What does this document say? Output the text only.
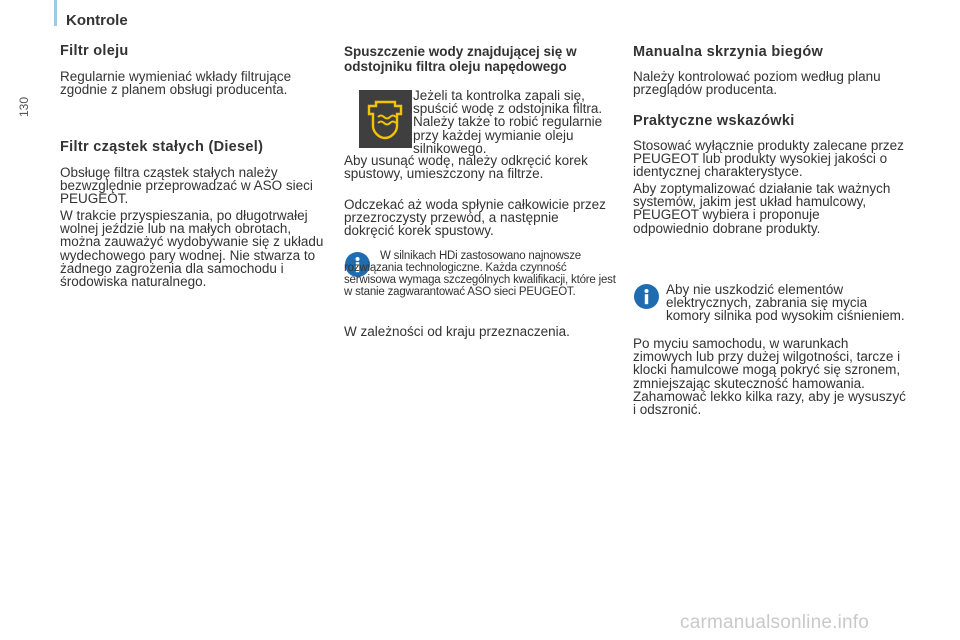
Kontrole
130
Filtr oleju

Regularnie wymieniać wkłady filtrujące zgodnie z planem obsługi producenta.

Filtr cząstek stałych (Diesel)

Obsługę filtra cząstek stałych należy bezwzględnie przeprowadzać w ASO sieci PEUGEOT.

W trakcie przyspieszania, po długotrwałej wolnej jeździe lub na małych obrotach, można zauważyć wydobywanie się z układu wydechowego pary wodnej. Nie stwarza to żadnego zagrożenia dla samochodu i środowiska naturalnego.

Spuszczenie wody znajdującej się w odstojniku filtra oleju napędowego

Jeżeli ta kontrolka zapali się, spuścić wodę z odstojnika filtra. Należy także to robić regularnie przy każdej wymianie oleju silnikowego.

Aby usunąć wodę, należy odkręcić korek spustowy, umieszczony na filtrze.

Odczekać aż woda spłynie całkowicie przez przezroczysty przewód, a następnie dokręcić korek spustowy.

W silnikach HDi zastosowano najnowsze rozwiązania technologiczne. Każda czynność serwisowa wymaga szczególnych kwalifikacji, które jest w stanie zagwarantować ASO sieci PEUGEOT.

W zależności od kraju przeznaczenia.

Manualna skrzynia biegów

Należy kontrolować poziom według planu przeglądów producenta.

Praktyczne wskazówki

Stosować wyłącznie produkty zalecane przez PEUGEOT lub produkty wysokiej jakości o identycznej charakterystyce.

Aby zoptymalizować działanie tak ważnych systemów, jakim jest układ hamulcowy, PEUGEOT wybiera i proponuje odpowiednio dobrane produkty.

Aby nie uszkodzić elementów elektrycznych, zabrania się mycia komory silnika pod wysokim ciśnieniem.

Po myciu samochodu, w warunkach zimowych lub przy dużej wilgotności, tarcze i klocki hamulcowe mogą pokryć się szronem, zmniejszając skuteczność hamowania. Zahamować lekko kilka razy, aby je wysuszyć i odszronić.

carmanualsonline.info
